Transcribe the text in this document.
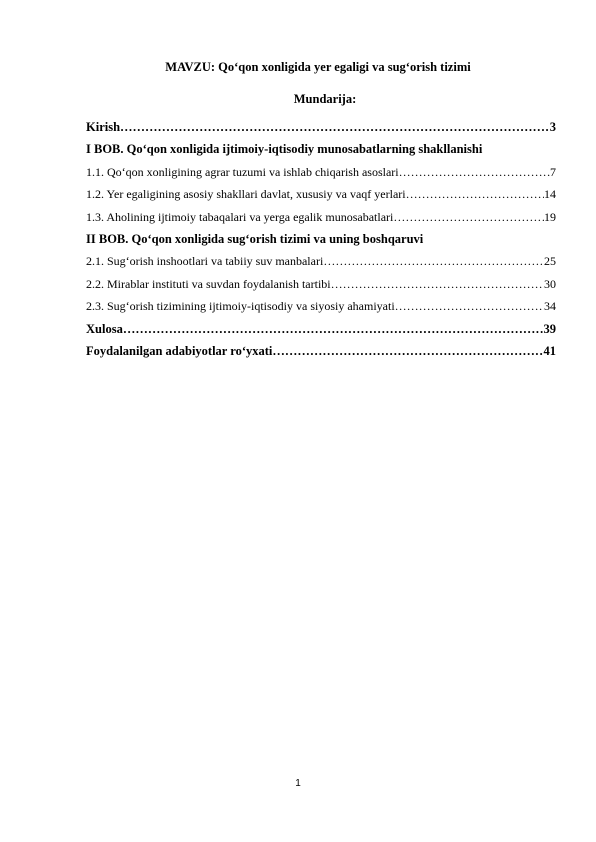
MAVZU: Qo‘qon xonligida yer egaligi va sug‘orish tizimi
Mundarija:
Kirish ……………………………………………………………………………………………………………………………………………………	3
I BOB. Qo‘qon xonligida ijtimoiy-iqtisodiy munosabatlarning shakllanishi
1.1. Qo‘qon xonligining agrar tuzumi va ishlab chiqarish asoslari ……………………………………………………………………………………………………………………………………………………	7
1.2. Yer egaligining asosiy shakllari davlat, xususiy va vaqf yerlari ……………………………………………………………………………………………………………………………………………………	14
1.3. Aholining ijtimoiy tabaqalari va yerga egalik munosabatlari ……………………………………………………………………………………………………………………………………………………	19
II BOB. Qo‘qon xonligida sug‘orish tizimi va uning boshqaruvi
2.1. Sug‘orish inshootlari va tabiiy suv manbalari ……………………………………………………………………………………………………………………………………………………	25
2.2. Mirablar instituti va suvdan foydalanish tartibi ……………………………………………………………………………………………………………………………………………………	30
2.3. Sug‘orish tizimining ijtimoiy-iqtisodiy va siyosiy ahamiyati ……………………………………………………………………………………………………………………………………………………	34
Xulosa ……………………………………………………………………………………………………………………………………………………	39
Foydalanilgan adabiyotlar ro‘yxati ……………………………………………………………………………………………………………………………………………………	41
1
